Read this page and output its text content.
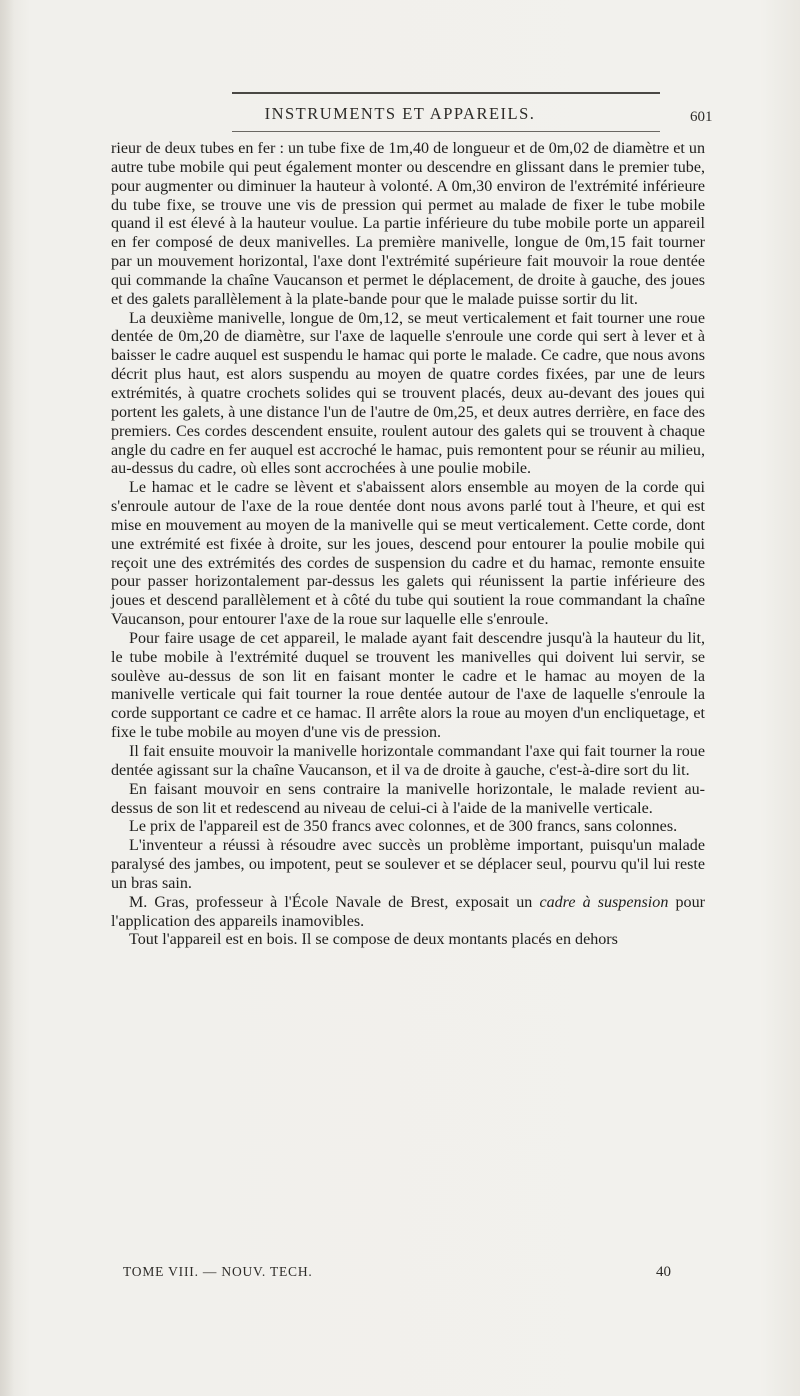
INSTRUMENTS ET APPAREILS.	601

rieur de deux tubes en fer : un tube fixe de 1m,40 de longueur et de 0m,02 de diamètre et un autre tube mobile qui peut également monter ou descendre en glissant dans le premier tube, pour augmenter ou diminuer la hauteur à volonté. A 0m,30 environ de l'extrémité inférieure du tube fixe, se trouve une vis de pression qui permet au malade de fixer le tube mobile quand il est élevé à la hauteur voulue. La partie inférieure du tube mobile porte un appareil en fer composé de deux manivelles. La première manivelle, longue de 0m,15 fait tourner par un mouvement horizontal, l'axe dont l'extrémité supérieure fait mouvoir la roue dentée qui commande la chaîne Vaucanson et permet le déplacement, de droite à gauche, des joues et des galets parallèlement à la plate-bande pour que le malade puisse sortir du lit.

La deuxième manivelle, longue de 0m,12, se meut verticalement et fait tourner une roue dentée de 0m,20 de diamètre, sur l'axe de laquelle s'enroule une corde qui sert à lever et à baisser le cadre auquel est suspendu le hamac qui porte le malade. Ce cadre, que nous avons décrit plus haut, est alors suspendu au moyen de quatre cordes fixées, par une de leurs extrémités, à quatre crochets solides qui se trouvent placés, deux au-devant des joues qui portent les galets, à une distance l'un de l'autre de 0m,25, et deux autres derrière, en face des premiers. Ces cordes descendent ensuite, roulent autour des galets qui se trouvent à chaque angle du cadre en fer auquel est accroché le hamac, puis remontent pour se réunir au milieu, au-dessus du cadre, où elles sont accrochées à une poulie mobile.

Le hamac et le cadre se lèvent et s'abaissent alors ensemble au moyen de la corde qui s'enroule autour de l'axe de la roue dentée dont nous avons parlé tout à l'heure, et qui est mise en mouvement au moyen de la manivelle qui se meut verticalement. Cette corde, dont une extrémité est fixée à droite, sur les joues, descend pour entourer la poulie mobile qui reçoit une des extrémités des cordes de suspension du cadre et du hamac, remonte ensuite pour passer horizontalement par-dessus les galets qui réunissent la partie inférieure des joues et descend parallèlement et à côté du tube qui soutient la roue commandant la chaîne Vaucanson, pour entourer l'axe de la roue sur laquelle elle s'enroule.

Pour faire usage de cet appareil, le malade ayant fait descendre jusqu'à la hauteur du lit, le tube mobile à l'extrémité duquel se trouvent les manivelles qui doivent lui servir, se soulève au-dessus de son lit en faisant monter le cadre et le hamac au moyen de la manivelle verticale qui fait tourner la roue dentée autour de l'axe de laquelle s'enroule la corde supportant ce cadre et ce hamac. Il arrête alors la roue au moyen d'un encliquetage, et fixe le tube mobile au moyen d'une vis de pression.

Il fait ensuite mouvoir la manivelle horizontale commandant l'axe qui fait tourner la roue dentée agissant sur la chaîne Vaucanson, et il va de droite à gauche, c'est-à-dire sort du lit.

En faisant mouvoir en sens contraire la manivelle horizontale, le malade revient au-dessus de son lit et redescend au niveau de celui-ci à l'aide de la manivelle verticale.

Le prix de l'appareil est de 350 francs avec colonnes, et de 300 francs, sans colonnes.

L'inventeur a réussi à résoudre avec succès un problème important, puisqu'un malade paralysé des jambes, ou impotent, peut se soulever et se déplacer seul, pourvu qu'il lui reste un bras sain.

M. Gras, professeur à l'École Navale de Brest, exposait un cadre à suspension pour l'application des appareils inamovibles.

Tout l'appareil est en bois. Il se compose de deux montants placés en dehors

TOME VIII. — NOUV. TECH.	40
